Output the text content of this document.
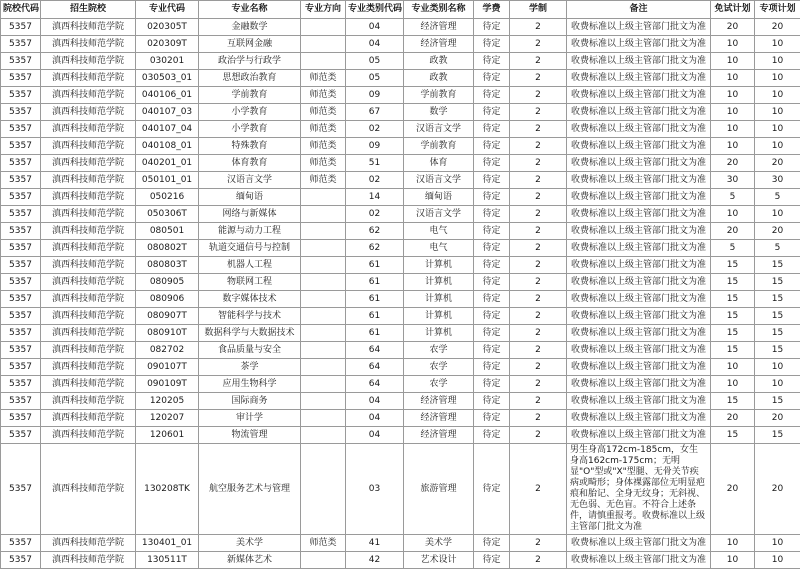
院校代码	招生院校	专业代码	专业名称	专业方向	专业类别代码	专业类别名称	学费	学制	备注	免试计划	专项计划
5357	滇西科技师范学院	020305T	金融数学		04	经济管理	待定	2	收费标准以上级主管部门批文为准	20	20
5357	滇西科技师范学院	020309T	互联网金融		04	经济管理	待定	2	收费标准以上级主管部门批文为准	10	10
5357	滇西科技师范学院	030201	政治学与行政学		05	政教	待定	2	收费标准以上级主管部门批文为准	10	10
5357	滇西科技师范学院	030503_01	思想政治教育	师范类	05	政教	待定	2	收费标准以上级主管部门批文为准	10	10
5357	滇西科技师范学院	040106_01	学前教育	师范类	09	学前教育	待定	2	收费标准以上级主管部门批文为准	10	10
5357	滇西科技师范学院	040107_03	小学教育	师范类	67	数学	待定	2	收费标准以上级主管部门批文为准	10	10
5357	滇西科技师范学院	040107_04	小学教育	师范类	02	汉语言文学	待定	2	收费标准以上级主管部门批文为准	10	10
5357	滇西科技师范学院	040108_01	特殊教育	师范类	09	学前教育	待定	2	收费标准以上级主管部门批文为准	10	10
5357	滇西科技师范学院	040201_01	体育教育	师范类	51	体育	待定	2	收费标准以上级主管部门批文为准	20	20
5357	滇西科技师范学院	050101_01	汉语言文学	师范类	02	汉语言文学	待定	2	收费标准以上级主管部门批文为准	30	30
5357	滇西科技师范学院	050216	缅甸语		14	缅甸语	待定	2	收费标准以上级主管部门批文为准	5	5
5357	滇西科技师范学院	050306T	网络与新媒体		02	汉语言文学	待定	2	收费标准以上级主管部门批文为准	10	10
5357	滇西科技师范学院	080501	能源与动力工程		62	电气	待定	2	收费标准以上级主管部门批文为准	20	20
5357	滇西科技师范学院	080802T	轨道交通信号与控制		62	电气	待定	2	收费标准以上级主管部门批文为准	5	5
5357	滇西科技师范学院	080803T	机器人工程		61	计算机	待定	2	收费标准以上级主管部门批文为准	15	15
5357	滇西科技师范学院	080905	物联网工程		61	计算机	待定	2	收费标准以上级主管部门批文为准	15	15
5357	滇西科技师范学院	080906	数字媒体技术		61	计算机	待定	2	收费标准以上级主管部门批文为准	15	15
5357	滇西科技师范学院	080907T	智能科学与技术		61	计算机	待定	2	收费标准以上级主管部门批文为准	15	15
5357	滇西科技师范学院	080910T	数据科学与大数据技术		61	计算机	待定	2	收费标准以上级主管部门批文为准	15	15
5357	滇西科技师范学院	082702	食品质量与安全		64	农学	待定	2	收费标准以上级主管部门批文为准	15	15
5357	滇西科技师范学院	090107T	茶学		64	农学	待定	2	收费标准以上级主管部门批文为准	10	10
5357	滇西科技师范学院	090109T	应用生物科学		64	农学	待定	2	收费标准以上级主管部门批文为准	10	10
5357	滇西科技师范学院	120205	国际商务		04	经济管理	待定	2	收费标准以上级主管部门批文为准	15	15
5357	滇西科技师范学院	120207	审计学		04	经济管理	待定	2	收费标准以上级主管部门批文为准	20	20
5357	滇西科技师范学院	120601	物流管理		04	经济管理	待定	2	收费标准以上级主管部门批文为准	15	15
5357	滇西科技师范学院	130208TK	航空服务艺术与管理		03	旅游管理	待定	2	男生身高172cm-185cm，女生身高162cm-175cm；无明显"O"型或"X"型腿、无骨关节疾病或畸形；身体裸露部位无明显疤痕和胎记、全身无纹身；无斜视、无色弱、无色盲。不符合上述条件，请慎重报考。收费标准以上级主管部门批文为准	20	20
5357	滇西科技师范学院	130401_01	美术学	师范类	41	美术学	待定	2	收费标准以上级主管部门批文为准	10	10
5357	滇西科技师范学院	130511T	新媒体艺术		42	艺术设计	待定	2	收费标准以上级主管部门批文为准	10	10
